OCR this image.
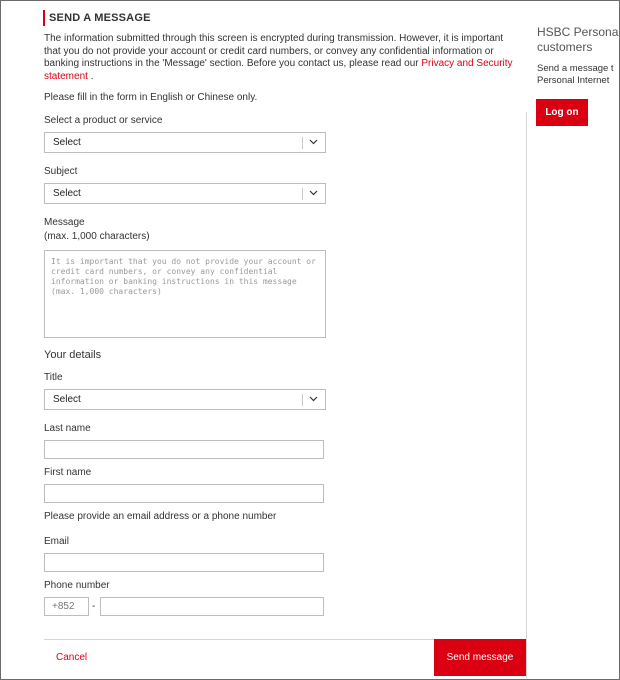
SEND A MESSAGE
The information submitted through this screen is encrypted during transmission. However, it is important that you do not provide your account or credit card numbers, or convey any confidential information or banking instructions in the 'Message' section. Before you contact us, please read our Privacy and Security statement .
Please fill in the form in English or Chinese only.
Select a product or service
Select
Subject
Select
Message
(max. 1,000 characters)
It is important that you do not provide your account or credit card numbers, or convey any confidential information or banking instructions in this message (max. 1,000 characters)
Your details
Title
Select
Last name
First name
Please provide an email address or a phone number
Email
Phone number
+852	-
Cancel	Send message
HSBC Persona
customers
Send a message t
Personal Internet
Log on
